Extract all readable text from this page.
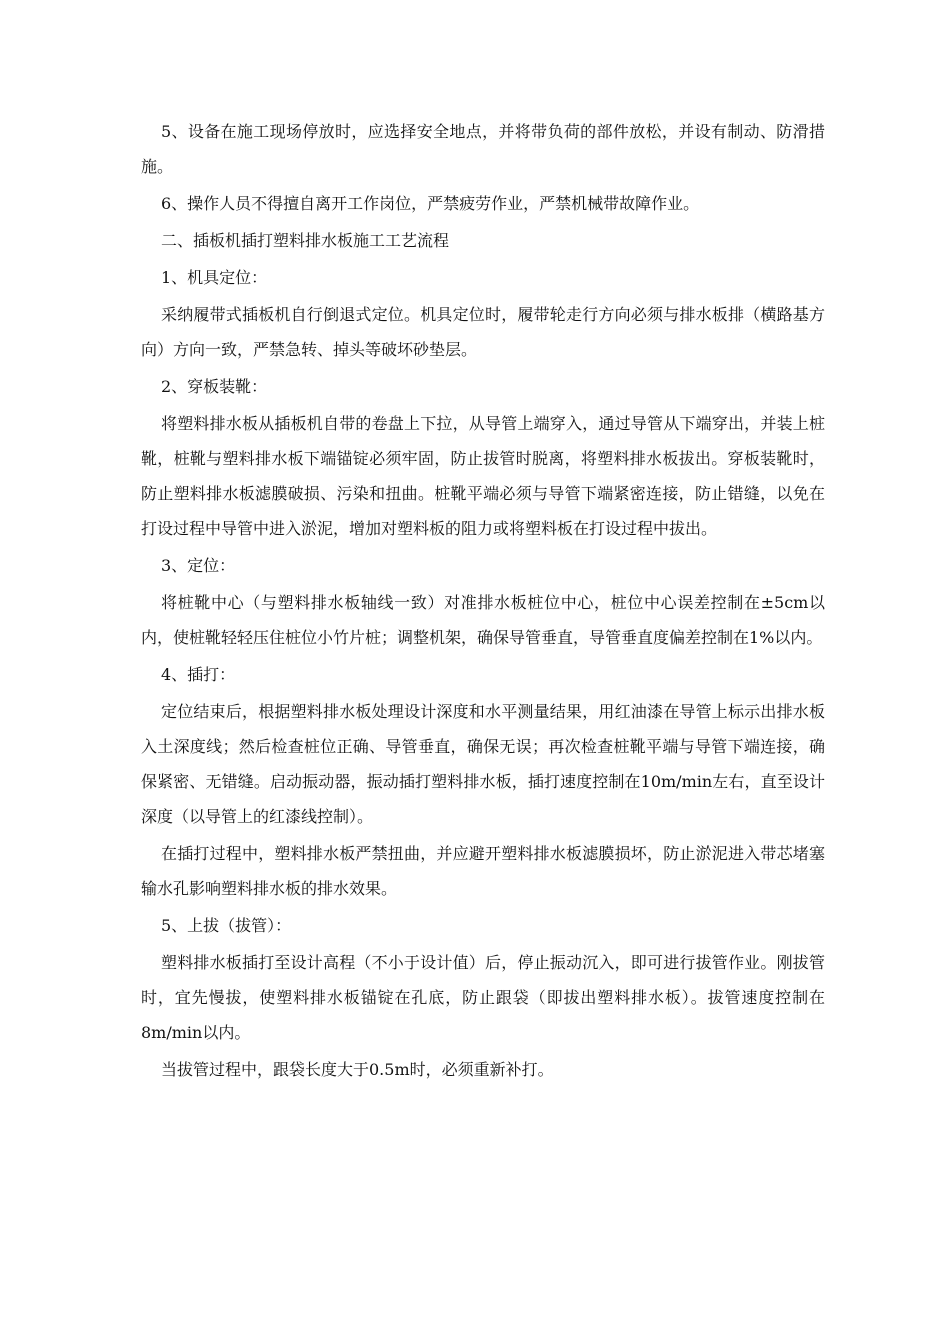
5、设备在施工现场停放时，应选择安全地点，并将带负荷的部件放松，并设有制动、防滑措施。

6、操作人员不得擅自离开工作岗位，严禁疲劳作业，严禁机械带故障作业。

二、插板机插打塑料排水板施工工艺流程

1、机具定位：

采纳履带式插板机自行倒退式定位。机具定位时，履带轮走行方向必须与排水板排（横路基方向）方向一致，严禁急转、掉头等破坏砂垫层。

2、穿板装靴：

将塑料排水板从插板机自带的卷盘上下拉，从导管上端穿入，通过导管从下端穿出，并装上桩靴，桩靴与塑料排水板下端锚锭必须牢固，防止拔管时脱离，将塑料排水板拔出。穿板装靴时，防止塑料排水板滤膜破损、污染和扭曲。桩靴平端必须与导管下端紧密连接，防止错缝，以免在打设过程中导管中进入淤泥，增加对塑料板的阻力或将塑料板在打设过程中拔出。

3、定位：

将桩靴中心（与塑料排水板轴线一致）对准排水板桩位中心，桩位中心误差控制在±5cm以内，使桩靴轻轻压住桩位小竹片桩；调整机架，确保导管垂直，导管垂直度偏差控制在1%以内。

4、插打：

定位结束后，根据塑料排水板处理设计深度和水平测量结果，用红油漆在导管上标示出排水板入土深度线；然后检查桩位正确、导管垂直，确保无误；再次检查桩靴平端与导管下端连接，确保紧密、无错缝。启动振动器，振动插打塑料排水板，插打速度控制在10m/min左右，直至设计深度（以导管上的红漆线控制）。

在插打过程中，塑料排水板严禁扭曲，并应避开塑料排水板滤膜损坏，防止淤泥进入带芯堵塞输水孔影响塑料排水板的排水效果。

5、上拔（拔管）：

塑料排水板插打至设计高程（不小于设计值）后，停止振动沉入，即可进行拔管作业。刚拔管时，宜先慢拔，使塑料排水板锚锭在孔底，防止跟袋（即拔出塑料排水板）。拔管速度控制在8m/min以内。

当拔管过程中，跟袋长度大于0.5m时，必须重新补打。
